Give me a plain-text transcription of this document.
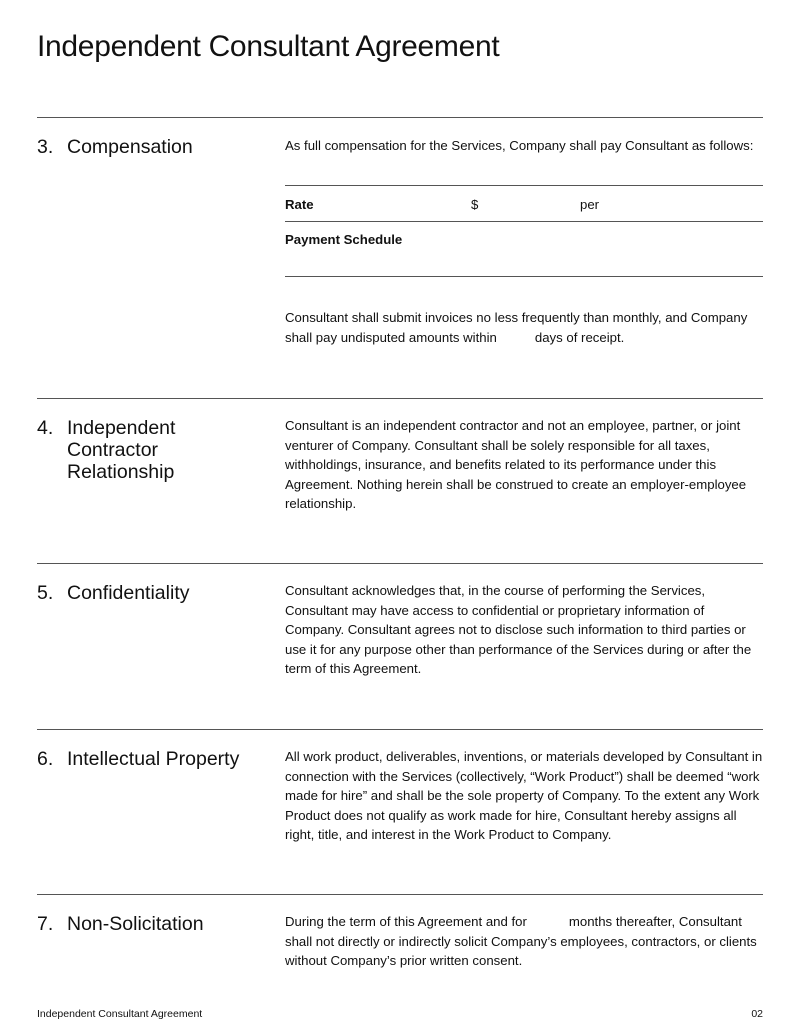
Independent Consultant Agreement
3. Compensation	As full compensation for the Services, Company shall pay Consultant as follows:
Rate	$	per
Payment Schedule
Consultant shall submit invoices no less frequently than monthly, and Company shall pay undisputed amounts within	days of receipt.
4. Independent Contractor Relationship
Consultant is an independent contractor and not an employee, partner, or joint venturer of Company. Consultant shall be solely responsible for all taxes, withholdings, insurance, and benefits related to its performance under this Agreement. Nothing herein shall be construed to create an employer-employee relationship.
5. Confidentiality	Consultant acknowledges that, in the course of performing the Services, Consultant may have access to confidential or proprietary information of Company. Consultant agrees not to disclose such information to third parties or use it for any purpose other than performance of the Services during or after the term of this Agreement.
6. Intellectual Property	All work product, deliverables, inventions, or materials developed by Consultant in connection with the Services (collectively, “Work Product”) shall be deemed “work made for hire” and shall be the sole property of Company. To the extent any Work Product does not qualify as work made for hire, Consultant hereby assigns all right, title, and interest in the Work Product to Company.
7. Non-Solicitation	During the term of this Agreement and for	months thereafter, Consultant shall not directly or indirectly solicit Company’s employees, contractors, or clients without Company’s prior written consent.
Independent Consultant Agreement	02
